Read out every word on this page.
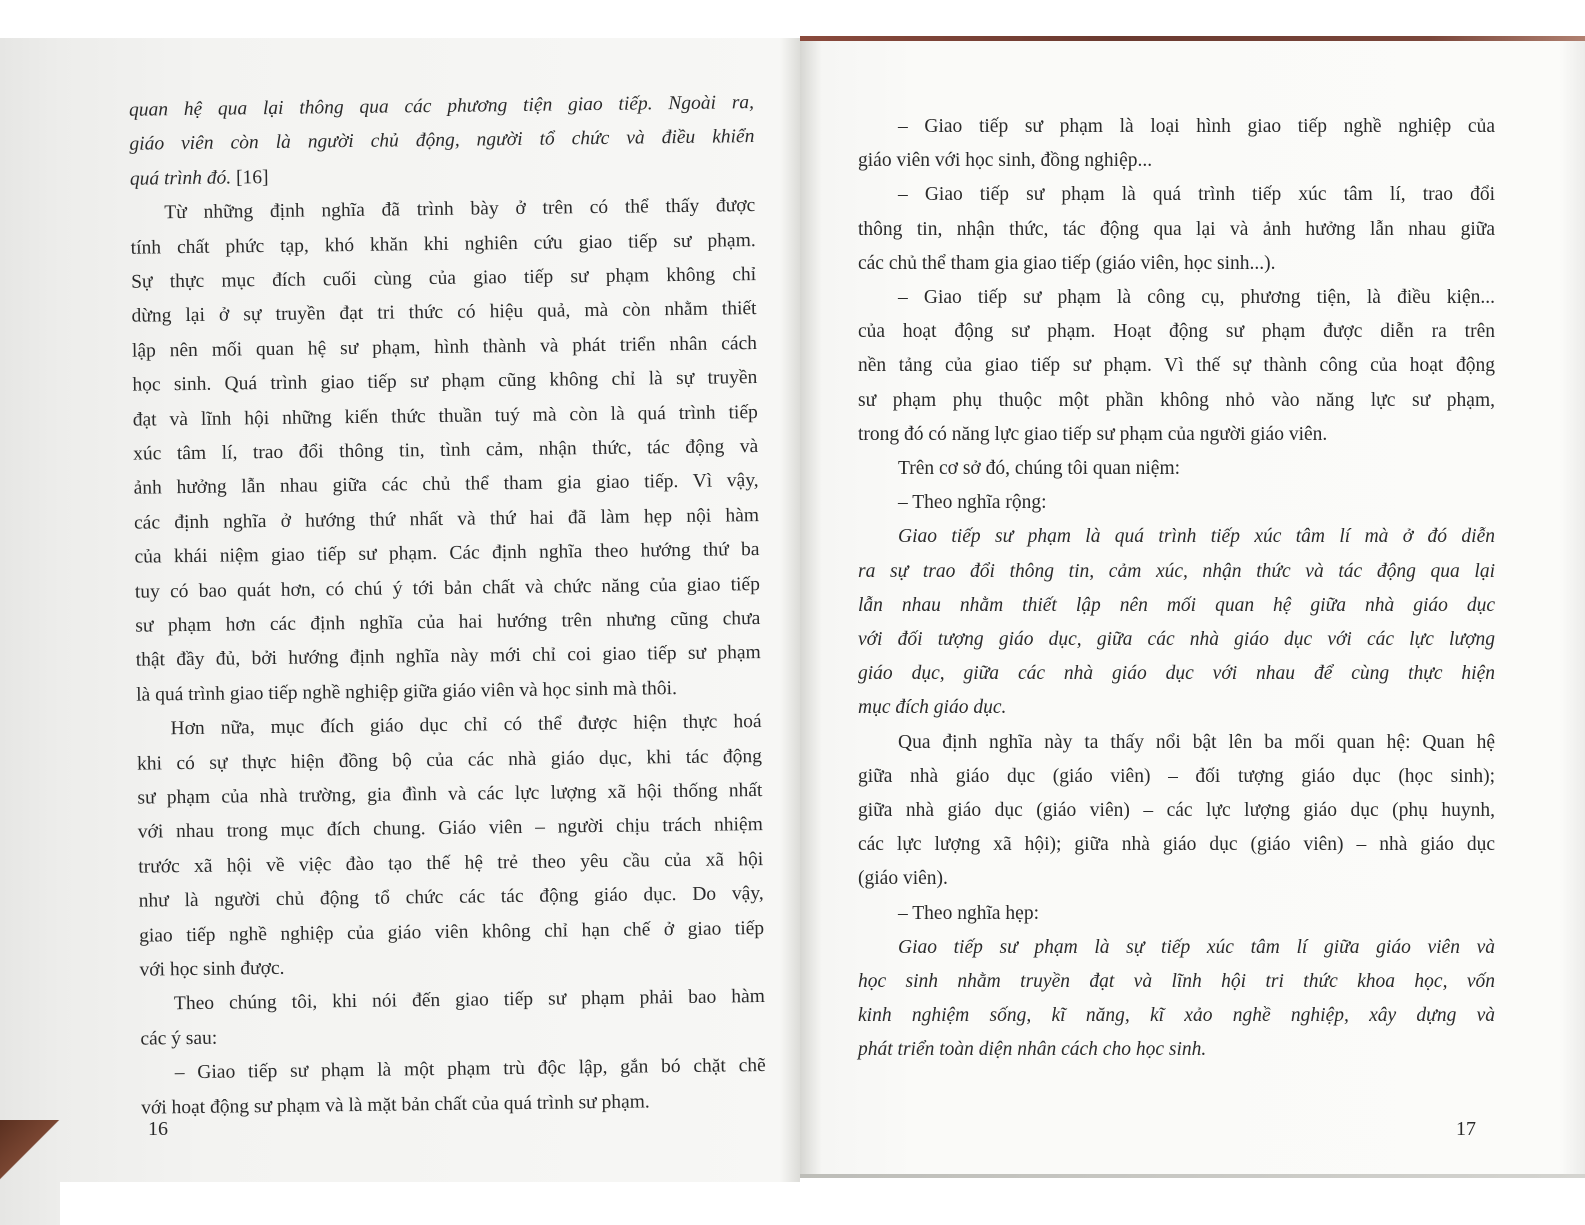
quan hệ qua lại thông qua các phương tiện giao tiếp. Ngoài ra,
giáo viên còn là người chủ động, người tổ chức và điều khiển
quá trình đó. [16]
Từ những định nghĩa đã trình bày ở trên có thể thấy được
tính chất phức tạp, khó khăn khi nghiên cứu giao tiếp sư phạm.
Sự thực mục đích cuối cùng của giao tiếp sư phạm không chỉ
dừng lại ở sự truyền đạt tri thức có hiệu quả, mà còn nhằm thiết
lập nên mối quan hệ sư phạm, hình thành và phát triển nhân cách
học sinh. Quá trình giao tiếp sư phạm cũng không chỉ là sự truyền
đạt và lĩnh hội những kiến thức thuần tuý mà còn là quá trình tiếp
xúc tâm lí, trao đổi thông tin, tình cảm, nhận thức, tác động và
ảnh hưởng lẫn nhau giữa các chủ thể tham gia giao tiếp. Vì vậy,
các định nghĩa ở hướng thứ nhất và thứ hai đã làm hẹp nội hàm
của khái niệm giao tiếp sư phạm. Các định nghĩa theo hướng thứ ba
tuy có bao quát hơn, có chú ý tới bản chất và chức năng của giao tiếp
sư phạm hơn các định nghĩa của hai hướng trên nhưng cũng chưa
thật đầy đủ, bởi hướng định nghĩa này mới chỉ coi giao tiếp sư phạm
là quá trình giao tiếp nghề nghiệp giữa giáo viên và học sinh mà thôi.
Hơn nữa, mục đích giáo dục chỉ có thể được hiện thực hoá
khi có sự thực hiện đồng bộ của các nhà giáo dục, khi tác động
sư phạm của nhà trường, gia đình và các lực lượng xã hội thống nhất
với nhau trong mục đích chung. Giáo viên – người chịu trách nhiệm
trước xã hội về việc đào tạo thế hệ trẻ theo yêu cầu của xã hội
như là người chủ động tổ chức các tác động giáo dục. Do vậy,
giao tiếp nghề nghiệp của giáo viên không chỉ hạn chế ở giao tiếp
với học sinh được.
Theo chúng tôi, khi nói đến giao tiếp sư phạm phải bao hàm
các ý sau:
– Giao tiếp sư phạm là một phạm trù độc lập, gắn bó chặt chẽ
với hoạt động sư phạm và là mặt bản chất của quá trình sư phạm.
16
– Giao tiếp sư phạm là loại hình giao tiếp nghề nghiệp của
giáo viên với học sinh, đồng nghiệp...
– Giao tiếp sư phạm là quá trình tiếp xúc tâm lí, trao đổi
thông tin, nhận thức, tác động qua lại và ảnh hưởng lẫn nhau giữa
các chủ thể tham gia giao tiếp (giáo viên, học sinh...).
– Giao tiếp sư phạm là công cụ, phương tiện, là điều kiện...
của hoạt động sư phạm. Hoạt động sư phạm được diễn ra trên
nền tảng của giao tiếp sư phạm. Vì thế sự thành công của hoạt động
sư phạm phụ thuộc một phần không nhỏ vào năng lực sư phạm,
trong đó có năng lực giao tiếp sư phạm của người giáo viên.
Trên cơ sở đó, chúng tôi quan niệm:
– Theo nghĩa rộng:
Giao tiếp sư phạm là quá trình tiếp xúc tâm lí mà ở đó diễn
ra sự trao đổi thông tin, cảm xúc, nhận thức và tác động qua lại
lẫn nhau nhằm thiết lập nên mối quan hệ giữa nhà giáo dục
với đối tượng giáo dục, giữa các nhà giáo dục với các lực lượng
giáo dục, giữa các nhà giáo dục với nhau để cùng thực hiện
mục đích giáo dục.
Qua định nghĩa này ta thấy nổi bật lên ba mối quan hệ: Quan hệ
giữa nhà giáo dục (giáo viên) – đối tượng giáo dục (học sinh);
giữa nhà giáo dục (giáo viên) – các lực lượng giáo dục (phụ huynh,
các lực lượng xã hội); giữa nhà giáo dục (giáo viên) – nhà giáo dục
(giáo viên).
– Theo nghĩa hẹp:
Giao tiếp sư phạm là sự tiếp xúc tâm lí giữa giáo viên và
học sinh nhằm truyền đạt và lĩnh hội tri thức khoa học, vốn
kinh nghiệm sống, kĩ năng, kĩ xảo nghề nghiệp, xây dựng và
phát triển toàn diện nhân cách cho học sinh.
17
